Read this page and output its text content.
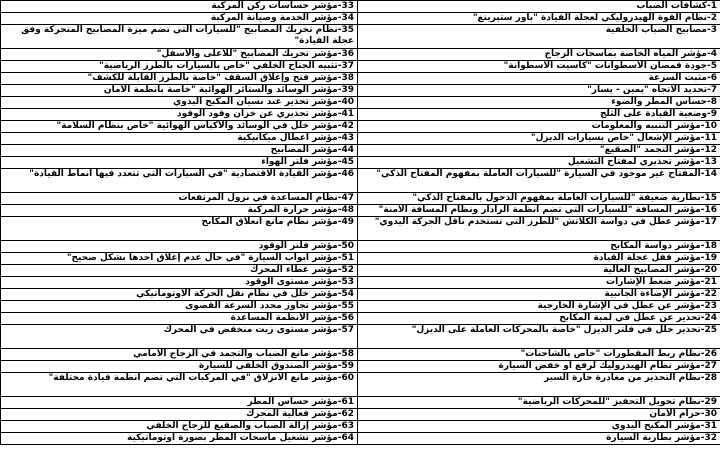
1-كشافات الضباب	33-مؤشر حساسات ركن المركبة

2-نظام القوة الهيدروليكي لعجلة القيادة "باور ستيرينغ"	34-مؤشر الخدمة وصيانة المركبة

3-مصابيح الضباب الخلفية	35-نظام تحريك المصابيح "للسيارات التي تضم ميزة المصابيح المتحركة وفق عجلة القيادة"

4-مؤشر المياه الخاصة بماسحات الزجاج	36-مؤشر تحريك المصابيح "للأعلى والأسفل"

5-جودة قمصان الأسطوانات "كاسيت الأسطوانة"	37-تثبيه الجناح الخلفي "خاص بالسيارات بالطرز الرياضية"

6-مثبت السرعة	38-مؤشر فتح وإغلاق السقف "خاصة بالطرز القابلة للكشف"

7-تحديد الاتجاه "يمين - يسار"	39-مؤشر الوسائد والستائر الهوائية "خاصة بأنظمة الأمان

8-حساس المطر والضوء	40-مؤشر تحذير عند نسيان المكبح اليدوي

9-وضعية القيادة على الثلج	41-مؤشر تحذيري عن خزان وقود الوقود

10-مؤشر التنبيه والمعلومات	42-مؤشر خلل في الوسائد والأكياس الهوائية "خاص بنظام السلامة"

11-مؤشر الإشعال "خاص بسيارات الديزل"	43-مؤشر أعطال ميكانيكية

12-مؤشر التجمد "الصقيع"	44-مؤشر المصابيح

13-مؤشر تحذيري لمفتاح التشغيل	45-مؤشر فلتر الهواء

14-المفتاح غير موجود في السيارة "للسيارات العاملة بمفهوم المفتاح الذكي"	46-مؤشر القيادة الاقتصادية "في السيارات التي تتعدد فيها أنماط القيادة"

15-بطارية ضعيفة "للسيارات العاملة بمفهوم الدخول بالمفتاح الذكي"	47-نظام المساعدة في نزول المرتفعات

16-مؤشر المسافة "للسيارات التي تضم أنظمة الرادار ونظام المسافة الآمنة"	48-مؤشر حرارة المركبة

17-مؤشر عطل في دواسة الكلاتش "للطرز التي تستخدم ناقل الحركة اليدوي"	49-مؤشر نظام مانع انغلاق المكابح

18-مؤشر دواسة المكابح	50-مؤشر فلتر الوقود

19-مؤشر قفل عجلة القيادة	51-مؤشر أبواب السيارة "في حال عدم إغلاق أحدها بشكل صحيح"

20-مؤشر المصابيح العالية	52-مؤشر غطاء المحرك

21-مؤشر ضغط الإشارات	53-مؤشر مستوى الوقود

22-مؤشر الإضاءة الجانبية	54-مؤشر خلل في نظام نقل الحركة الأوتوماتيكي

23-مؤشر عن عطل في الإشارة الخارجية	55-مؤشر تجاوز محدد السرعة القصوى

24-تحذير عن عطل في لمبة المكابح	56-مؤشر الأنظمة المساعدة

25-تحذير خلل في فلتر الديزل "خاصة بالمحركات العاملة على الديزل"	57-مؤشر مستوى زيت منخفض في المحرك

26-نظام ربط المقطورات "خاص بالشاحنات"	58-مؤشر مانع الضباب والتجمد في الزجاج الأمامي

27-مؤشر نظام الهيدروليك لرفع أو خفض السيارة	59-مؤشر الصندوق الخلفي للسيارة

28-نظام التحذير من مغادرة حارة السير	60-مؤشر مانع الانزلاق "في المركبات التي تضم أنظمة قيادة مختلفة"

29-نظام تحويل التحفيز "للمحركات الرياضية"	61-مؤشر حساس المطر

30-حزام الأمان	62-مؤشر فعالية المحرك

31-مؤشر المكبح اليدوي	63-مؤشر إزالة الضباب والصقيع للزجاج الخلفي

32-مؤشر بطارية السيارة	64-مؤشر تشغيل ماسحات المطر بصورة أوتوماتيكية
